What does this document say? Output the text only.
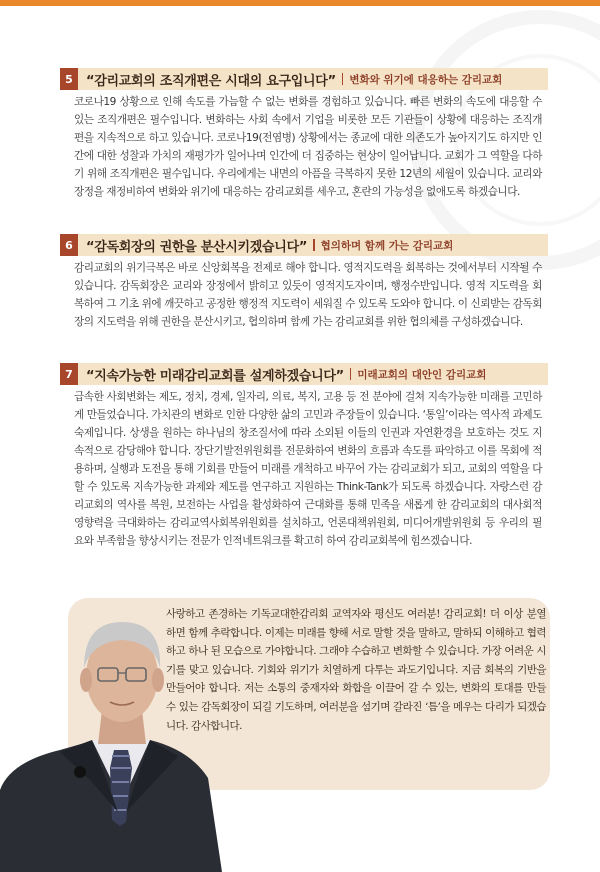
5	“감리교회의 조직개편은 시대의 요구입니다” 변화와 위기에 대응하는 감리교회

코로나19 상황으로 인해 속도를 가늠할 수 없는 변화를 경험하고 있습니다. 빠른 변화의 속도에 대응할 수 있는 조직개편은 필수입니다. 변화하는 사회 속에서 기업을 비롯한 모든 기관들이 상황에 대응하는 조직개편을 지속적으로 하고 있습니다. 코로나19(전염병) 상황에서는 종교에 대한 의존도가 높아지기도 하지만 인간에 대한 성찰과 가치의 재평가가 일어나며 인간에 더 집중하는 현상이 일어납니다. 교회가 그 역할을 다하기 위해 조직개편은 필수입니다. 우리에게는 내면의 아픔을 극복하지 못한 12년의 세월이 있습니다. 교리와 장정을 재정비하여 변화와 위기에 대응하는 감리교회를 세우고, 혼란의 가능성을 없애도록 하겠습니다.

6	“감독회장의 권한을 분산시키겠습니다” 협의하며 함께 가는 감리교회

감리교회의 위기극복은 바로 신앙회복을 전제로 해야 합니다. 영적지도력을 회복하는 것에서부터 시작될 수 있습니다. 감독회장은 교리와 장정에서 밝히고 있듯이 영적지도자이며, 행정수반입니다. 영적 지도력을 회복하여 그 기초 위에 깨끗하고 공정한 행정적 지도력이 세워질 수 있도록 도와야 합니다. 이 신뢰받는 감독회장의 지도력을 위해 권한을 분산시키고, 협의하며 함께 가는 감리교회를 위한 협의체를 구성하겠습니다.

7	“지속가능한 미래감리교회를 설계하겠습니다” 미래교회의 대안인 감리교회

급속한 사회변화는 제도, 정치, 경제, 일자리, 의료, 복지, 고용 등 전 분야에 걸쳐 지속가능한 미래를 고민하게 만들었습니다. 가치관의 변화로 인한 다양한 삶의 고민과 주장들이 있습니다. ‘통일’이라는 역사적 과제도 숙제입니다. 상생을 원하는 하나님의 창조질서에 따라 소외된 이들의 인권과 자연환경을 보호하는 것도 지속적으로 감당해야 합니다. 장단기발전위원회를 전문화하여 변화의 흐름과 속도를 파악하고 이를 목회에 적용하며, 실행과 도전을 통해 기회를 만들어 미래를 개척하고 바꾸어 가는 감리교회가 되고, 교회의 역할을 다할 수 있도록 지속가능한 과제와 제도를 연구하고 지원하는 Think-Tank가 되도록 하겠습니다. 자랑스런 감리교회의 역사를 복원, 보전하는 사업을 활성화하여 근대화를 통해 민족을 새롭게 한 감리교회의 대사회적 영향력을 극대화하는 감리교역사회복위원회를 설치하고, 언론대책위원회, 미디어개발위원회 등 우리의 필요와 부족함을 향상시키는 전문가 인적네트워크를 확고히 하여 감리교회복에 힘쓰겠습니다.

사랑하고 존경하는 기독교대한감리회 교역자와 평신도 여러분! 감리교회! 더 이상 분열하면 함께 추락합니다. 이제는 미래를 향해 서로 말할 것을 말하고, 말하되 이해하고 협력하고 하나 된 모습으로 가야합니다. 그래야 수습하고 변화할 수 있습니다. 가장 어려운 시기를 맞고 있습니다. 기회와 위기가 치열하게 다투는 과도기입니다. 지금 회복의 기반을 만들어야 합니다. 저는 소통의 중재자와 화합을 이끌어 갈 수 있는, 변화의 토대를 만들 수 있는 감독회장이 되길 기도하며, 여러분을 섬기며 갈라진 ‘틈’을 메우는 다리가 되겠습니다. 감사합니다.
